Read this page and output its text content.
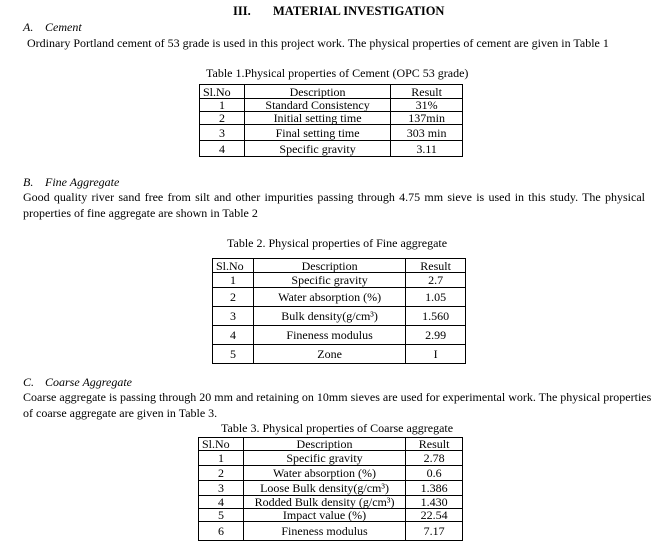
III. MATERIAL INVESTIGATION
A. Cement
Ordinary Portland cement of 53 grade is used in this project work. The physical properties of cement are given in Table 1
Table 1.Physical properties of Cement (OPC 53 grade)
Sl.No	Description	Result
1	Standard Consistency	31%
2	Initial setting time	137min
3	Final setting time	303 min
4	Specific gravity	3.11
B. Fine Aggregate
Good quality river sand free from silt and other impurities passing through 4.75 mm sieve is used in this study. The physical
properties of fine aggregate are shown in Table 2
Table 2. Physical properties of Fine aggregate
Sl.No	Description	Result
1	Specific gravity	2.7
2	Water absorption (%)	1.05
3	Bulk density(g/cm³)	1.560
4	Fineness modulus	2.99
5	Zone	I
C. Coarse Aggregate
Coarse aggregate is passing through 20 mm and retaining on 10mm sieves are used for experimental work. The physical properties
of coarse aggregate are given in Table 3.
Table 3. Physical properties of Coarse aggregate
Sl.No	Description	Result
1	Specific gravity	2.78
2	Water absorption (%)	0.6
3	Loose Bulk density(g/cm³)	1.386
4	Rodded Bulk density (g/cm³)	1.430
5	Impact value (%)	22.54
6	Fineness modulus	7.17
